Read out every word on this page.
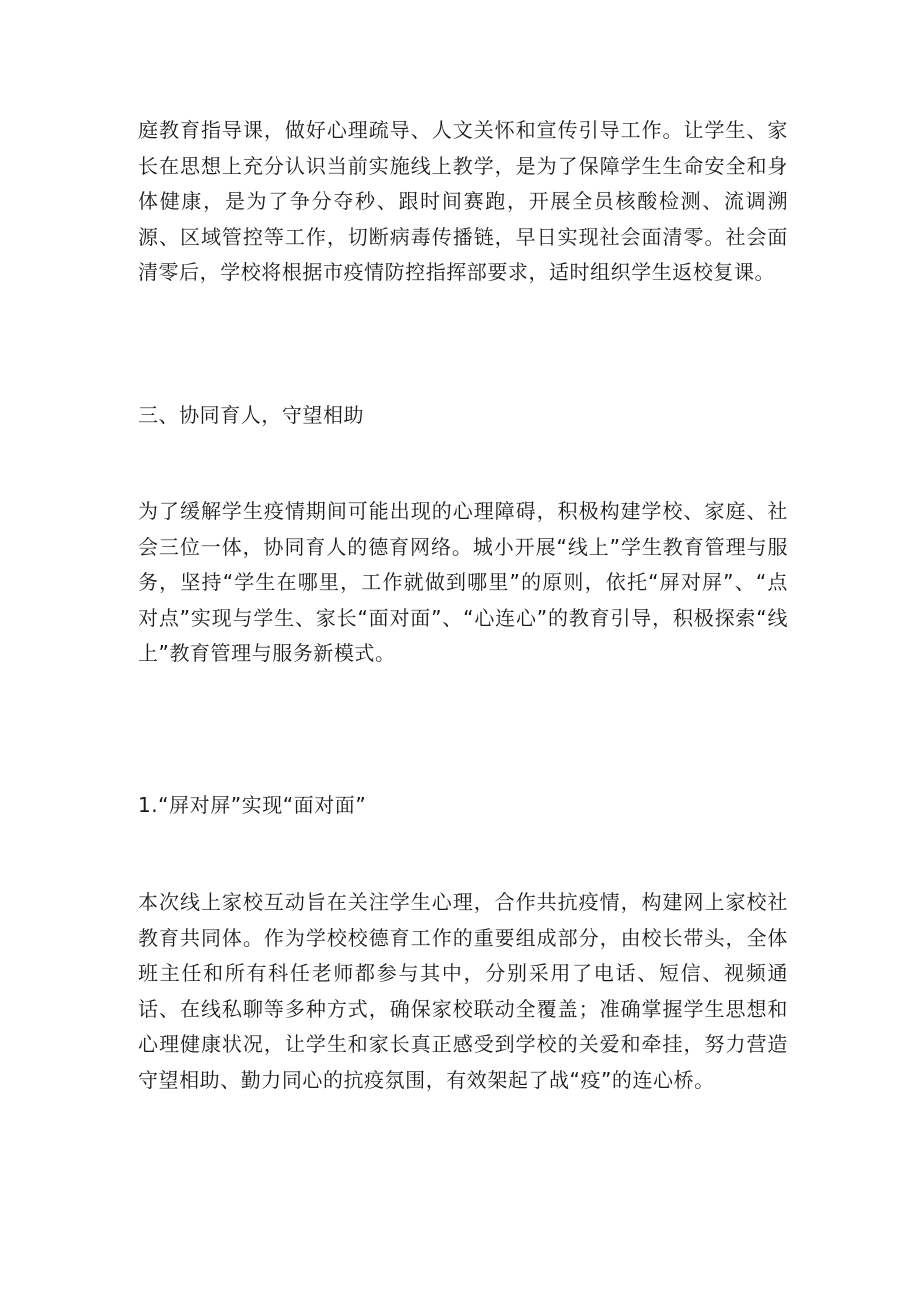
庭教育指导课，做好心理疏导、人文关怀和宣传引导工作。让学生、家长在思想上充分认识当前实施线上教学，是为了保障学生生命安全和身体健康，是为了争分夺秒、跟时间赛跑，开展全员核酸检测、流调溯源、区域管控等工作，切断病毒传播链，早日实现社会面清零。社会面清零后，学校将根据市疫情防控指挥部要求，适时组织学生返校复课。

三、协同育人，守望相助

为了缓解学生疫情期间可能出现的心理障碍，积极构建学校、家庭、社会三位一体，协同育人的德育网络。城小开展“线上”学生教育管理与服务，坚持“学生在哪里，工作就做到哪里”的原则，依托“屏对屏”、“点对点”实现与学生、家长“面对面”、“心连心”的教育引导，积极探索“线上”教育管理与服务新模式。

1.“屏对屏”实现“面对面”

本次线上家校互动旨在关注学生心理，合作共抗疫情，构建网上家校社教育共同体。作为学校校德育工作的重要组成部分，由校长带头，全体班主任和所有科任老师都参与其中，分别采用了电话、短信、视频通话、在线私聊等多种方式，确保家校联动全覆盖；准确掌握学生思想和心理健康状况，让学生和家长真正感受到学校的关爱和牵挂，努力营造守望相助、勤力同心的抗疫氛围，有效架起了战“疫”的连心桥。
